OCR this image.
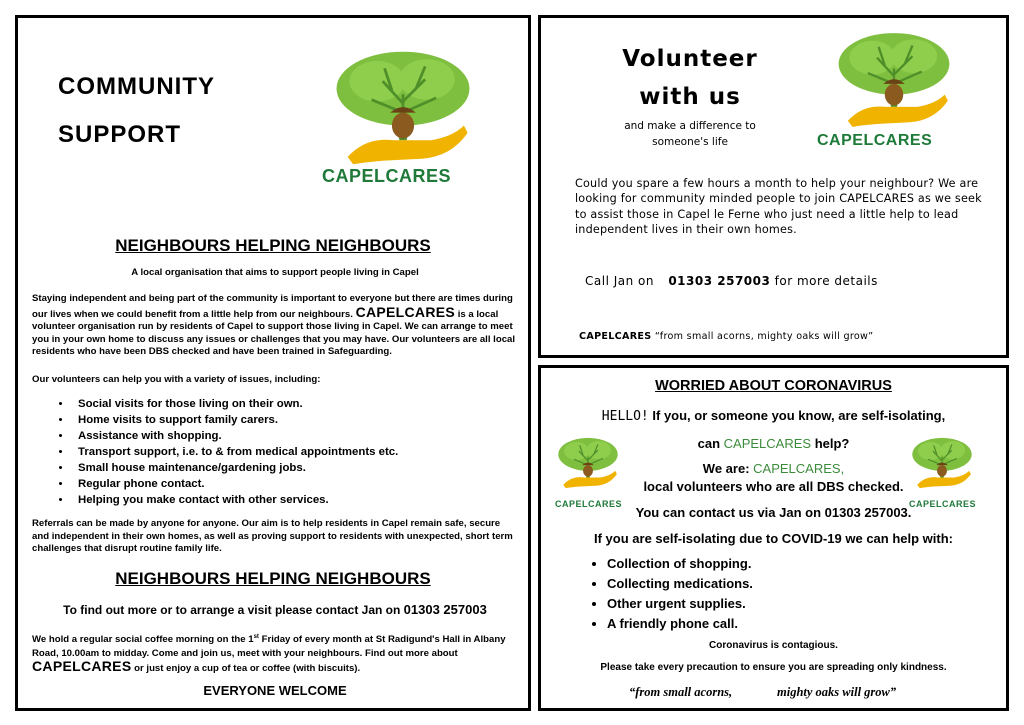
COMMUNITY
SUPPORT
CAPELCARES
NEIGHBOURS HELPING NEIGHBOURS
A local organisation that aims to support people living in Capel
Staying independent and being part of the community is important to everyone but there are times during our lives when we could benefit from a little help from our neighbours. CAPELCARES is a local volunteer organisation run by residents of Capel to support those living in Capel. We can arrange to meet you in your own home to discuss any issues or challenges that you may have. Our volunteers are all local residents who have been DBS checked and have been trained in Safeguarding.
Our volunteers can help you with a variety of issues, including:
• Social visits for those living on their own.
• Home visits to support family carers.
• Assistance with shopping.
• Transport support, i.e. to & from medical appointments etc.
• Small house maintenance/gardening jobs.
• Regular phone contact.
• Helping you make contact with other services.
Referrals can be made by anyone for anyone. Our aim is to help residents in Capel remain safe, secure and independent in their own homes, as well as proving support to residents with unexpected, short term challenges that disrupt routine family life.
NEIGHBOURS HELPING NEIGHBOURS
To find out more or to arrange a visit please contact Jan on 01303 257003
We hold a regular social coffee morning on the 1st Friday of every month at St Radigund's Hall in Albany Road, 10.00am to midday. Come and join us, meet with your neighbours. Find out more about CAPELCARES or just enjoy a cup of tea or coffee (with biscuits).
EVERYONE WELCOME
Volunteer
with us
and make a difference to
someone's life	CAPELCARES
Could you spare a few hours a month to help your neighbour? We are looking for community minded people to join CAPELCARES as we seek to assist those in Capel le Ferne who just need a little help to lead independent lives in their own homes.
Call Jan on 01303 257003 for more details
CAPELCARES “from small acorns, mighty oaks will grow”
WORRIED ABOUT CORONAVIRUS
HELLO! If you, or someone you know, are self-isolating,
can CAPELCARES help?
We are: CAPELCARES,
local volunteers who are all DBS checked.
You can contact us via Jan on 01303 257003.
If you are self-isolating due to COVID-19 we can help with:
CAPELCARES	CAPELCARES
• Collection of shopping.
• Collecting medications.
• Other urgent supplies.
• A friendly phone call.
Coronavirus is contagious.
Please take every precaution to ensure you are spreading only kindness.
“from small acorns,	mighty oaks will grow”
